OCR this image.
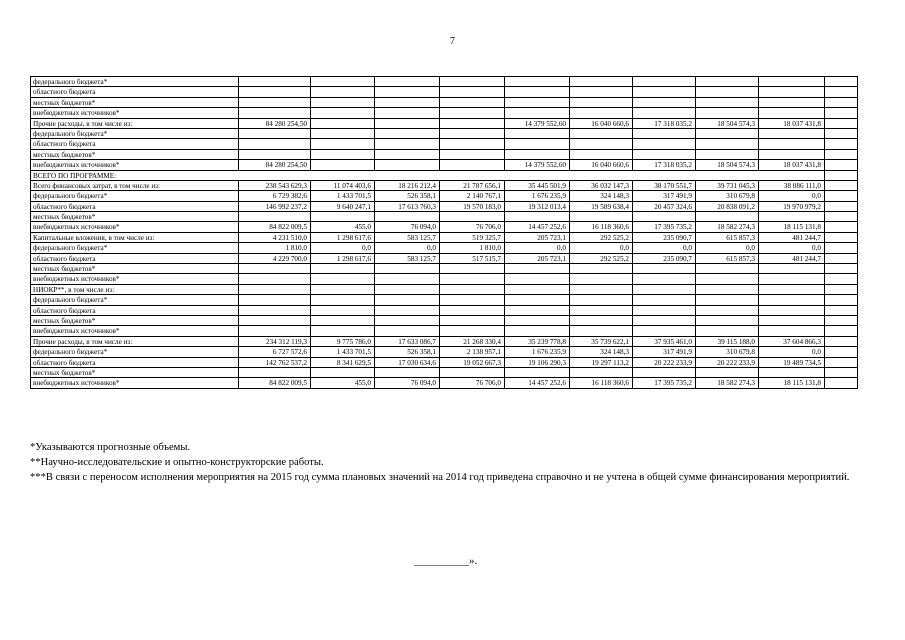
7
федерального бюджета*										
областного бюджета										
местных бюджетов*										
внебюджетных источников*										
Прочие расходы, в том числе из:	84 280 254,50				14 379 552,60	16 040 660,6	17 318 035,2	18 504 574,3	18 037 431,8	
федерального бюджета*										
областного бюджета										
местных бюджетов*										
внебюджетных источников*	84 280 254,50				14 379 552,60	16 040 660,6	17 318 035,2	18 504 574,3	18 037 431,8	
ВСЕГО ПО ПРОГРАММЕ:										
Всего финансовых затрат, в том числе из:	238 543 629,3	11 074 403,6	18 216 212,4	21 787 656,1	35 445 501,9	36 032 147,3	38 170 551,7	39 731 045,3	38 086 111,0	
федерального бюджета*	6 729 382,6	1 433 701,5	526 358,1	2 140 767,1	1 676 235,9	324 148,3	317 491,9	310 679,8	0,0	
областного бюджета	146 992 237,2	9 640 247,1	17 613 760,3	19 570 183,0	19 312 013,4	19 589 638,4	20 457 324,6	20 838 091,2	19 970 979,2	
местных бюджетов*										
внебюджетных источников*	84 822 009,5	455,0	76 094,0	76 706,0	14 457 252,6	16 118 360,6	17 395 735,2	18 582 274,3	18 115 131,8	
Капитальные вложения, в том числе из:	4 231 510,0	1 298 617,6	583 125,7	519 325,7	205 723,1	292 525,2	235 090,7	615 857,3	481 244,7	
федерального бюджета*	1 810,0	0,0	0,0	1 810,0	0,0	0,0	0,0	0,0	0,0	
областного бюджета	4 229 700,0	1 298 617,6	583 125,7	517 515,7	205 723,1	292 525,2	235 090,7	615 857,3	481 244,7	
местных бюджетов*										
внебюджетных источников*										
НИОКР**, в том числе из:										
федерального бюджета*										
областного бюджета										
местных бюджетов*										
внебюджетных источников*										
Прочие расходы, в том числе из:	234 312 119,3	9 775 786,0	17 633 086,7	21 268 330,4	35 239 778,8	35 739 622,1	37 935 461,0	39 115 188,0	37 604 866,3	
федерального бюджета*	6 727 572,6	1 433 701,5	526 358,1	2 138 957,1	1 676 235,9	324 148,3	317 491,9	310 679,8	0,0	
областного бюджета	142 762 537,2	8 341 629,5	17 030 634,6	19 052 667,3	19 106 290,3	19 297 113,2	20 222 233,9	20 222 233,9	19 489 734,5	
местных бюджетов*										
внебюджетных источников*	84 822 009,5	455,0	76 094,0	76 706,0	14 457 252,6	16 118 360,6	17 395 735,2	18 582 274,3	18 115 131,8	
*Указываются прогнозные объемы.
**Научно-исследовательские и опытно-конструкторские работы.
***В связи с переносом исполнения мероприятия на 2015 год сумма плановых значений на 2014 год приведена справочно и не учтена в общей сумме финансирования мероприятий.
__________».
